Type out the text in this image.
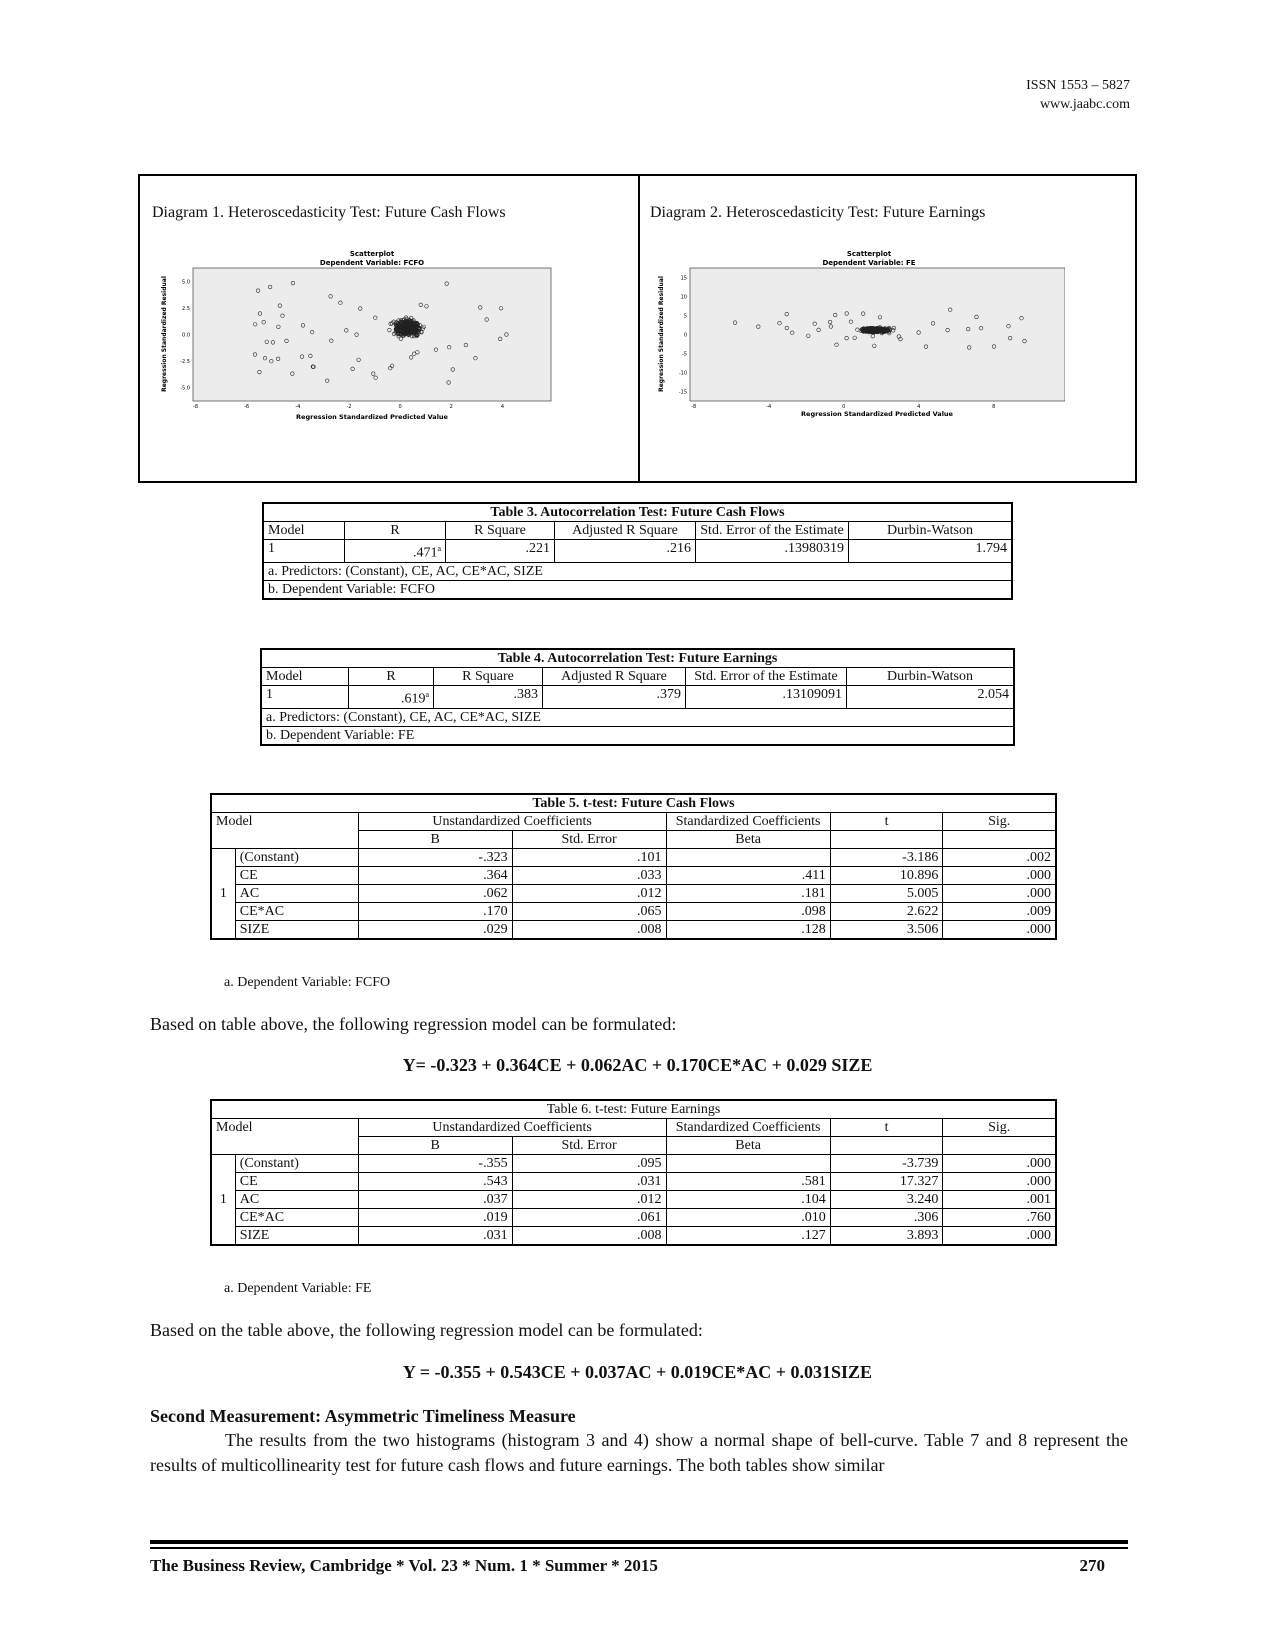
ISSN 1553 – 5827
www.jaabc.com
Diagram 1. Heteroscedasticity Test: Future Cash Flows
Scatterplot
Dependent Variable: FCFO
5.0
2.5
0.0
-2.5
-5.0
-8	-6	-4	-2	0	2	4
Regression Standardized Predicted Value
Regression Standardized Residual
Diagram 2. Heteroscedasticity Test: Future Earnings
Scatterplot
Dependent Variable: FE
15
10
5
0
-5
-10
-15
-8	-4	0	4	8
Regression Standardized Predicted Value
Regression Standardized Residual
Table 3. Autocorrelation Test: Future Cash Flows					
Model	R	R Square	Adjusted R Square	Std. Error of the Estimate	Durbin-Watson
1	.471$^a$	.221	.216	.13980319	1.794
a. Predictors: (Constant), CE, AC, CE*AC, SIZE					
b. Dependent Variable: FCFO					
Table 4. Autocorrelation Test: Future Earnings					
Model	R	R Square	Adjusted R Square	Std. Error of the Estimate	Durbin-Watson
1	.619$^a$	.383	.379	.13109091	2.054
a. Predictors: (Constant), CE, AC, CE*AC, SIZE					
b. Dependent Variable: FE					
Table 5. t-test: Future Cash Flows						
Model		Unstandardized Coefficients		Standardized Coefficients	t	Sig.

		B	Std. Error	Beta		
1	(Constant)	-.323	.101		-3.186	.002
	CE	.364	.033	.411	10.896	.000
	AC	.062	.012	.181	5.005	.000
	CE*AC	.170	.065	.098	2.622	.009
	SIZE	.029	.008	.128	3.506	.000
a. Dependent Variable: FCFO
Based on table above, the following regression model can be formulated:
Y= -0.323 + 0.364CE + 0.062AC + 0.170CE*AC + 0.029 SIZE
Table 6. t-test: Future Earnings						
Model		Unstandardized Coefficients		Standardized Coefficients	t	Sig.

		B	Std. Error	Beta		
1	(Constant)	-.355	.095		-3.739	.000
	CE	.543	.031	.581	17.327	.000
	AC	.037	.012	.104	3.240	.001
	CE*AC	.019	.061	.010	.306	.760
	SIZE	.031	.008	.127	3.893	.000
a. Dependent Variable: FE
Based on the table above, the following regression model can be formulated:
Y = -0.355 + 0.543CE + 0.037AC + 0.019CE*AC + 0.031SIZE
Second Measurement: Asymmetric Timeliness Measure
The results from the two histograms (histogram 3 and 4) show a normal shape of bell-curve. Table 7 and 8 represent the results of multicollinearity test for future cash flows and future earnings. The both tables show similar
The Business Review, Cambridge * Vol. 23 * Num. 1 * Summer * 2015	270
